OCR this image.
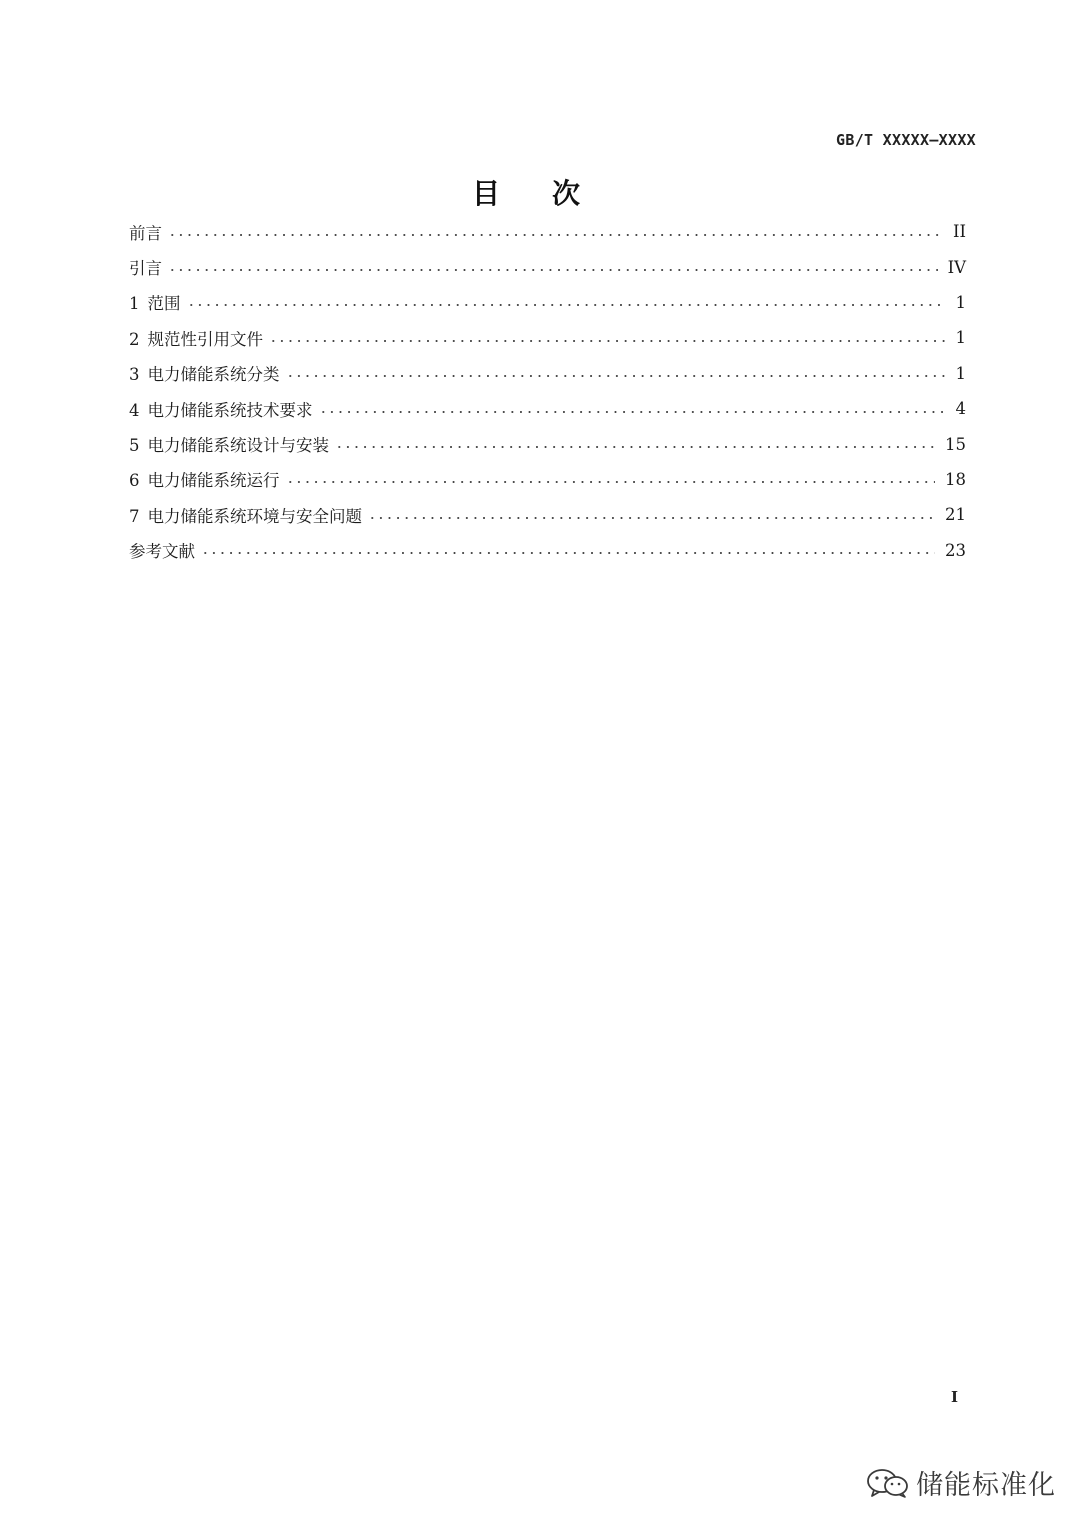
GB/T XXXXX—XXXX
目次
前言	II
引言	IV
1 范围	1
2 规范性引用文件	1
3 电力储能系统分类	1
4 电力储能系统技术要求	4
5 电力储能系统设计与安装	15
6 电力储能系统运行	18
7 电力储能系统环境与安全问题	21
参考文献	23
I
储能标准化
